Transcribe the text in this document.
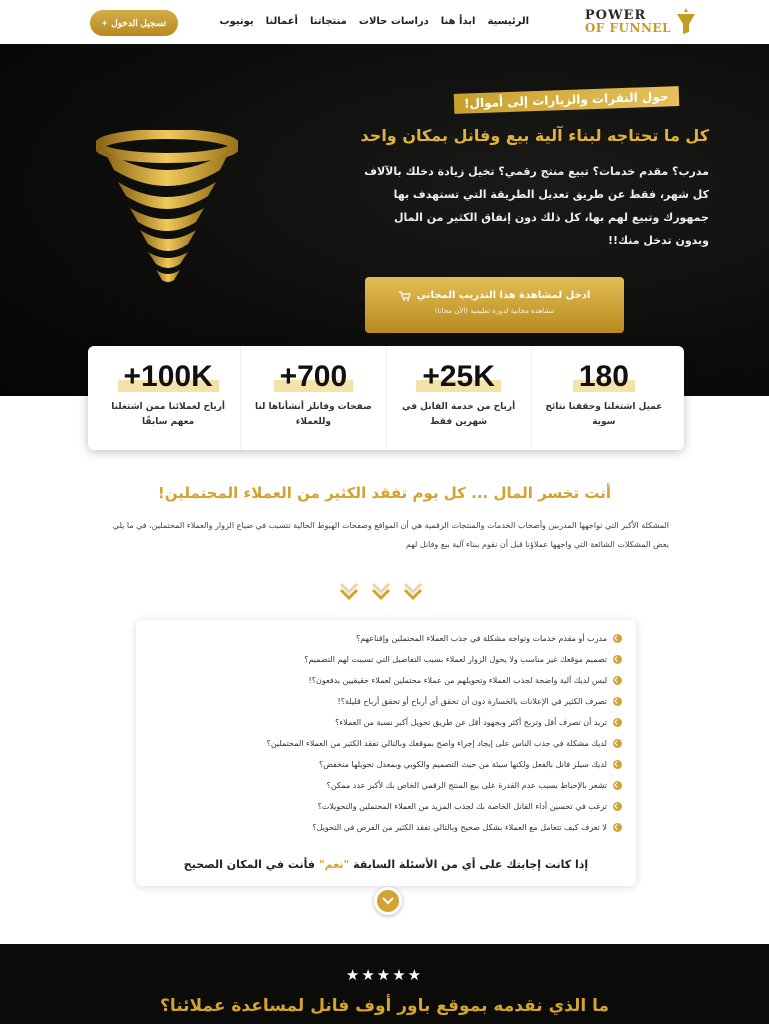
POWER
OF FUNNEL
الرئيسية
ابدأ هنا
دراسات حالات
منتجاتنا
أعمالنا
يوتيوب
تسجيل الدخول
+
حول النقرات والزيارات إلى أموال!
كل ما تحتاجه لبناء آلية بيع وفانل بمكان واحد

مدرب؟ مقدم خدمات؟ تبيع منتج رقمي؟ تخيل زيادة دخلك بالآلاف كل شهر، فقط عن طريق تعديل الطريقة التي تستهدف بها جمهورك وتبيع لهم بها، كل ذلك دون إنفاق الكثير من المال وبدون تدخل منك!!

ادخل لمشاهدة هذا التدريب المجاني
مشاهدة مجانية لدورة تعليمية (الآن مجانا)
180
عميل اشتغلنا وحققنا نتائج سوية
+25K
أرباح من خدمة الفانل في شهرين فقط
+700
صفحات وفانلز أنشأناها لنا وللعملاء
+100K
أرباح لعملائنا ممن اشتغلنا معهم سابقًا
أنت تخسر المال ... كل يوم تفقد الكثير من العملاء المحتملين!

المشكلة الأكبر التي تواجهها المدربين وأصحاب الخدمات والمنتجات الرقمية هي أن المواقع وصفحات الهبوط الحالية تتسبب في ضياع الزوار والعملاء المحتملين، في ما يلي بعض المشكلات الشائعة التي واجهها عملاؤنا قبل أن نقوم ببناء آلية بيع وفانل لهم

مدرب أو مقدم خدمات وتواجه مشكلة في جذب العملاء المحتملين وإقناعهم؟
تصميم موقعك غير مناسب ولا يحول الزوار لعملاء بسبب التفاصيل التي تسببت لهم التصميم؟
ليس لديك آلية واضحة لجذب العملاء وتحويلهم من عملاء محتملين لعملاء حقيقيين يدفعون؟!
تصرف الكثير في الإعلانات بالخسارة دون أن تحقق أي أرباح أو تحقق أرباح قليلة؟!
تريد أن تصرف أقل وتربح أكثر وبجهود أقل عن طريق تحويل أكبر نسبة من العملاء؟
لديك مشكلة في جذب الناس على إيجاد إجراء واضح بموقعك وبالتالي تفقد الكثير من العملاء المحتملين؟
لديك سيلز فانل بالفعل ولكنها سيئة من حيث التصميم والكوبي وبمعدل تحويلها منخفض؟
تشعر بالإحباط بسبب عدم القدرة على بيع المنتج الرقمي الخاص بك لأكبر عدد ممكن؟
ترغب في تحسين أداء الفانل الخاصة بك لجذب المزيد من العملاء المحتملين والتحويلات؟
لا تعرف كيف تتعامل مع العملاء بشكل صحيح وبالتالي تفقد الكثير من الفرص في التحويل؟
إذا كانت إجابتك على أي من الأسئلة السابقة "نعم" فأنت في المكان الصحيح
★★★★★
ما الذي نقدمه بموقع باور أوف فانل لمساعدة عملائنا؟
